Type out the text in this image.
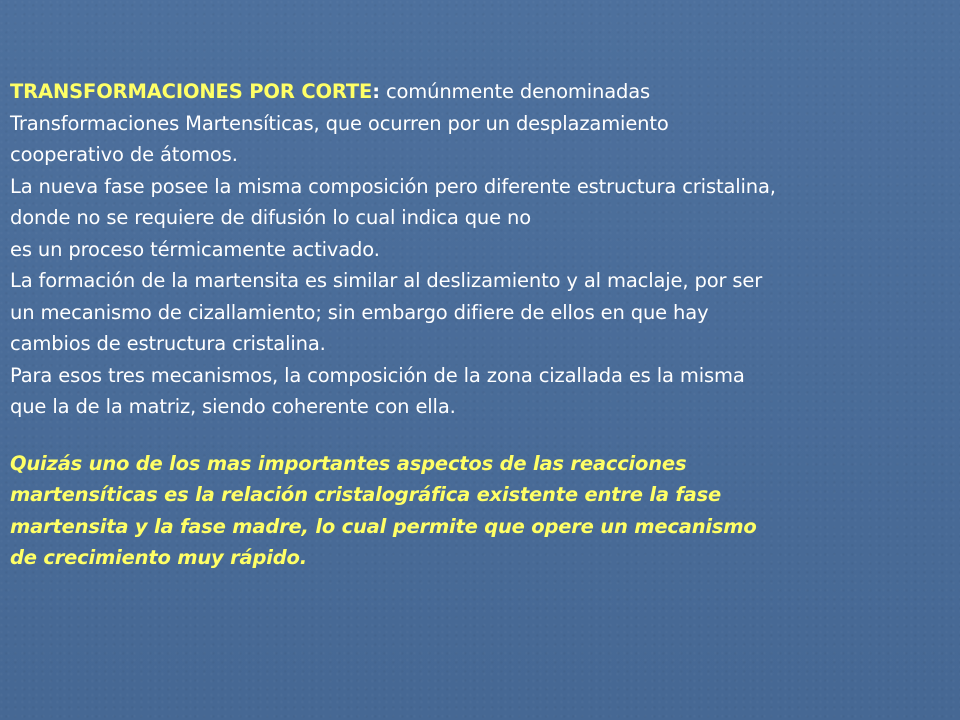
TRANSFORMACIONES POR CORTE: comúnmente denominadas
Transformaciones Martensíticas, que ocurren por un desplazamiento
cooperativo de átomos.
La nueva fase posee la misma composición pero diferente estructura cristalina,
donde no se requiere de difusión lo cual indica que no
es un proceso térmicamente activado.
La formación de la martensita es similar al deslizamiento y al maclaje, por ser
un mecanismo de cizallamiento; sin embargo difiere de ellos en que hay
cambios de estructura cristalina.
Para esos tres mecanismos, la composición de la zona cizallada es la misma
que la de la matriz, siendo coherente con ella.
Quizás uno de los mas importantes aspectos de las reacciones
martensíticas es la relación cristalográfica existente entre la fase
martensita y la fase madre, lo cual permite que opere un mecanismo
de crecimiento muy rápido.
